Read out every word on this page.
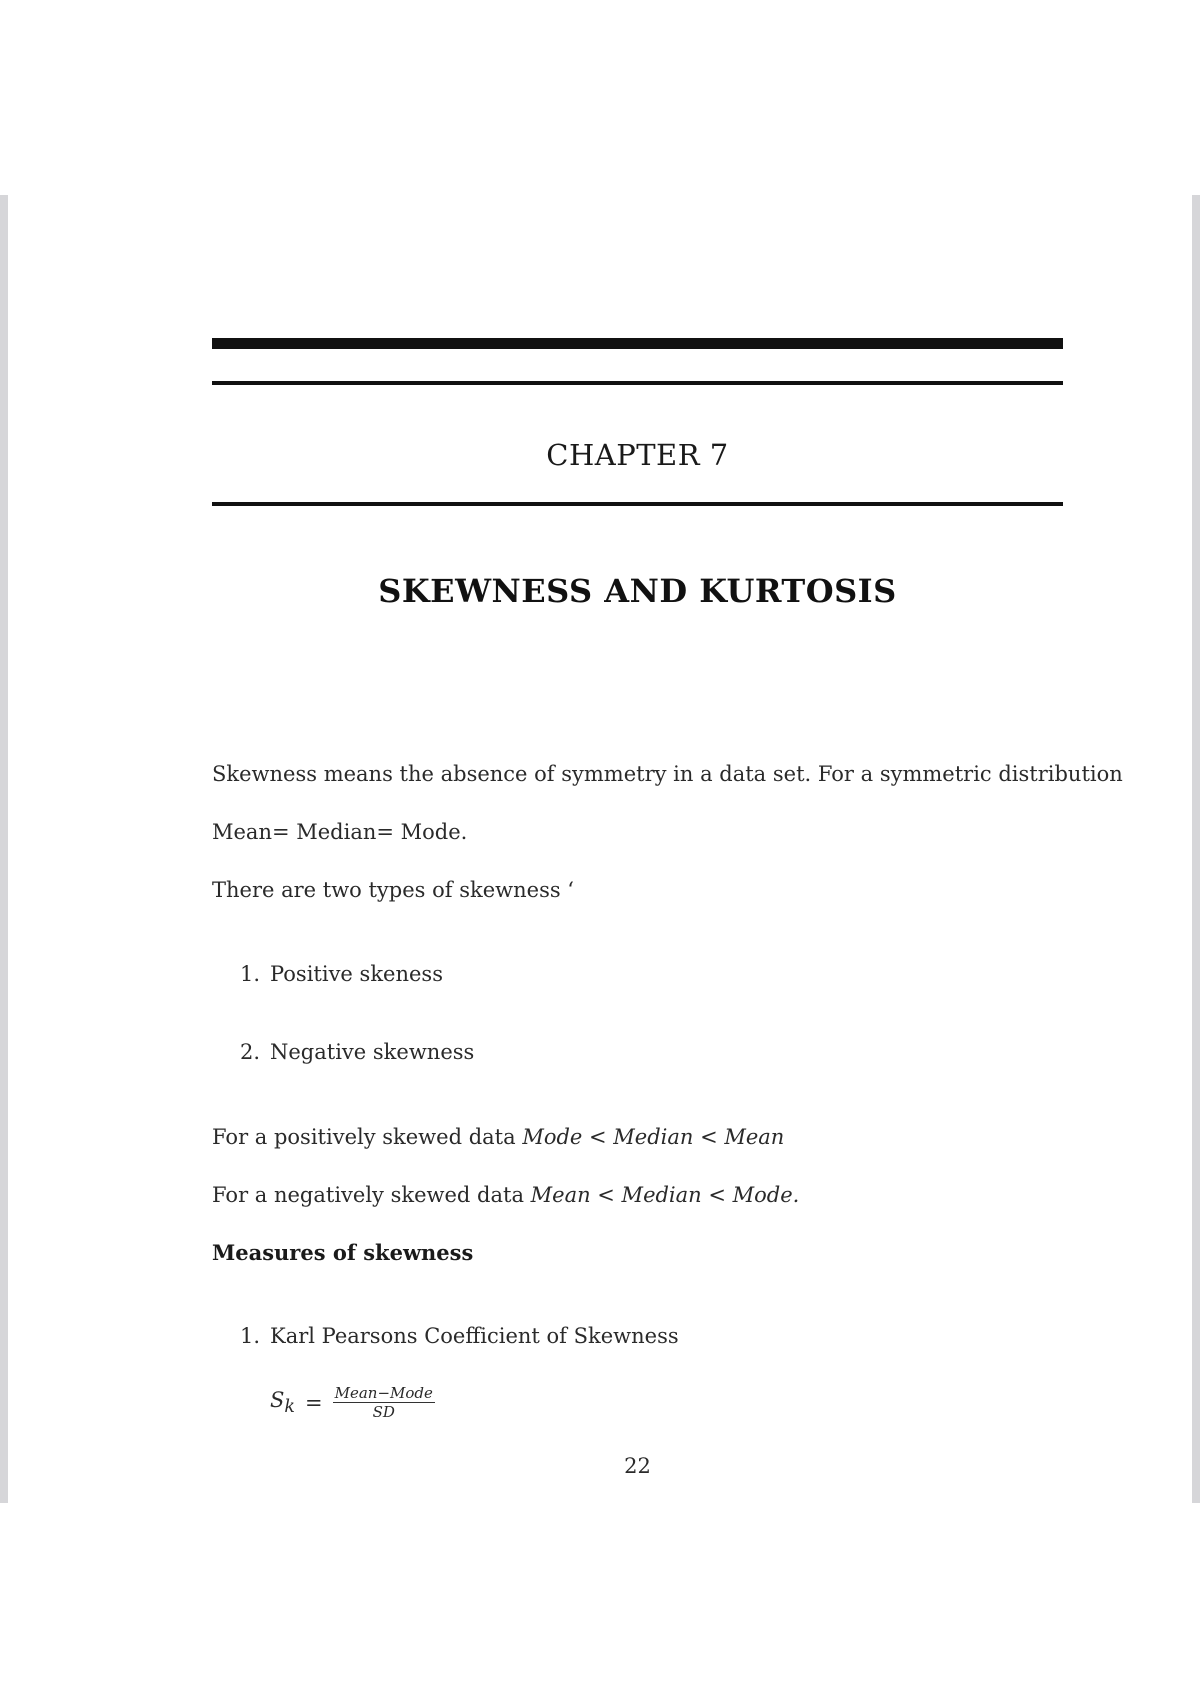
CHAPTER 7
SKEWNESS AND KURTOSIS
Skewness means the absence of symmetry in a data set. For a symmetric distribution
Mean= Median= Mode.
There are two types of skewness ‘
1. Positive skeness
2. Negative skewness
For a positively skewed data Mode < Median < Mean
For a negatively skewed data Mean < Median < Mode.
Measures of skewness
1. Karl Pearsons Coefficient of Skewness
$S_k = \frac{\text{Mean−Mode}}{SD}$
22
